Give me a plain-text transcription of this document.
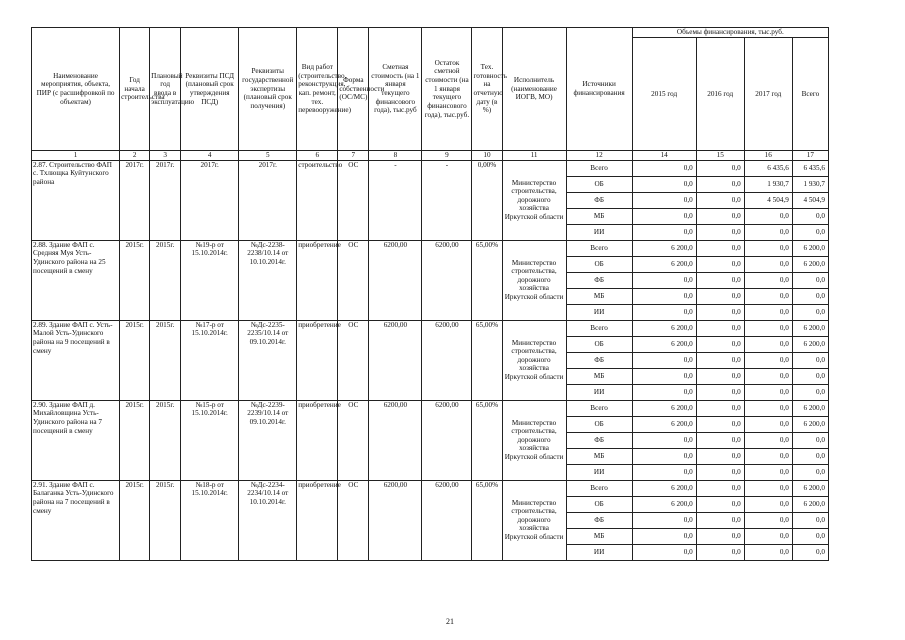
Наименование мероприятия, объекта, ПИР (с расшифровкой по объектам)	Год начала строительства	Плановый год ввода в эксплуатацию	Реквизиты ПСД (плановый срок утверждения ПСД)	Реквизиты государственной экспертизы (плановый срок получения)	Вид работ (строительство, реконструкция, кап. ремонт, тех. перевооружение)	Форма собственности (ОС/МС)	Сметная стоимость (на 1 января текущего финансового года), тыс.руб	Остаток сметной стоимости (на 1 января текущего финансового года), тыс.руб.	Тех. готовность на отчетную дату (в %)	Исполнитель (наименование ИОГВ, МО)	Источники финансирования	Объемы финансирования, тыс.руб.			
												2015 год	2016 год	2017 год	Всего
1	2	3	4	5	6	7	8	9	10	11	12	14	15	16	17
2.87. Строительство ФАП с. Тхлющка Куйтунского района	2017г.	2017г.	2017г.	2017г.	строительство	ОС	-	-	0,00%	Министерство строительства, дорожного хозяйства Иркутской области	Всего	0,0	0,0	6 435,6	6 435,6
											ОБ	0,0	0,0	1 930,7	1 930,7
											ФБ	0,0	0,0	4 504,9	4 504,9
											МБ	0,0	0,0	0,0	0,0
											ИИ	0,0	0,0	0,0	0,0
2.88. Здание ФАП с. Средняя Муя Усть-Удинского района на 25 посещений в смену	2015г.	2015г.	№19-р от 15.10.2014г.	№Дс-2238-2238/10.14 от 10.10.2014г.	приобретение	ОС	6200,00	6200,00	65,00%	Министерство строительства, дорожного хозяйства Иркутской области	Всего	6 200,0	0,0	0,0	6 200,0
											ОБ	6 200,0	0,0	0,0	6 200,0
											ФБ	0,0	0,0	0,0	0,0
											МБ	0,0	0,0	0,0	0,0
											ИИ	0,0	0,0	0,0	0,0
2.89. Здание ФАП с. Усть-Малой Усть-Удинского района на 9 посещений в смену	2015г.	2015г.	№17-р от 15.10.2014г.	№Дс-2235-2235/10.14 от 09.10.2014г.	приобретение	ОС	6200,00	6200,00	65,00%	Министерство строительства, дорожного хозяйства Иркутской области	Всего	6 200,0	0,0	0,0	6 200,0
											ОБ	6 200,0	0,0	0,0	6 200,0
											ФБ	0,0	0,0	0,0	0,0
											МБ	0,0	0,0	0,0	0,0
											ИИ	0,0	0,0	0,0	0,0
2.90. Здание ФАП д. Михайловщина Усть-Удинского района на 7 посещений в смену	2015г.	2015г.	№15-р от 15.10.2014г.	№Дс-2239-2239/10.14 от 09.10.2014г.	приобретение	ОС	6200,00	6200,00	65,00%	Министерство строительства, дорожного хозяйства Иркутской области	Всего	6 200,0	0,0	0,0	6 200,0
											ОБ	6 200,0	0,0	0,0	6 200,0
											ФБ	0,0	0,0	0,0	0,0
											МБ	0,0	0,0	0,0	0,0
											ИИ	0,0	0,0	0,0	0,0
2.91. Здание ФАП с. Балаганка Усть-Удинского района на 7 посещений в смену	2015г.	2015г.	№18-р от 15.10.2014г.	№Дс-2234-2234/10.14 от 10.10.2014г.	приобретение	ОС	6200,00	6200,00	65,00%	Министерство строительства, дорожного хозяйства Иркутской области	Всего	6 200,0	0,0	0,0	6 200,0
											ОБ	6 200,0	0,0	0,0	6 200,0
											ФБ	0,0	0,0	0,0	0,0
											МБ	0,0	0,0	0,0	0,0
											ИИ	0,0	0,0	0,0	0,0
21
